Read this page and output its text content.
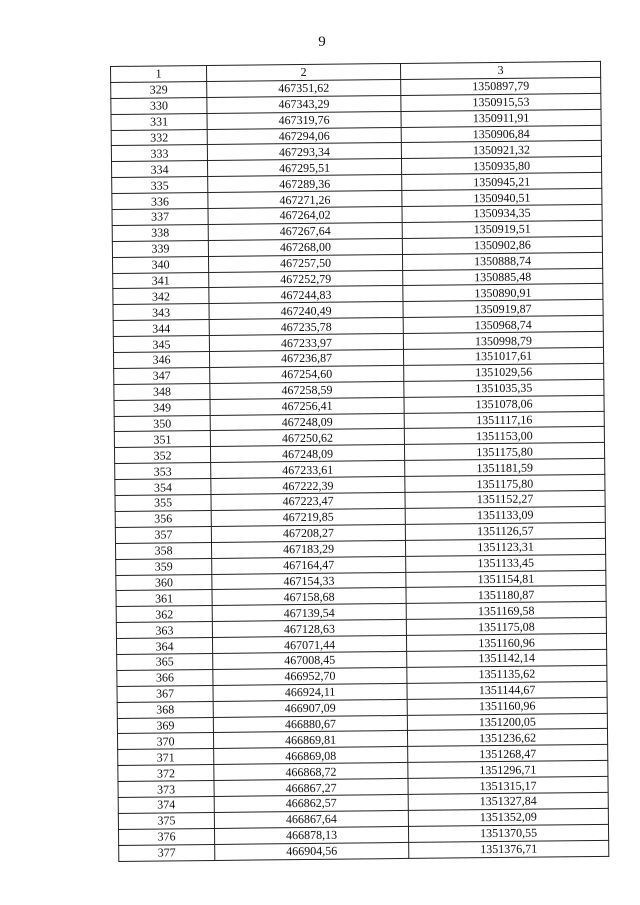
9
1	2	3
329	467351,62	1350897,79
330	467343,29	1350915,53
331	467319,76	1350911,91
332	467294,06	1350906,84
333	467293,34	1350921,32
334	467295,51	1350935,80
335	467289,36	1350945,21
336	467271,26	1350940,51
337	467264,02	1350934,35
338	467267,64	1350919,51
339	467268,00	1350902,86
340	467257,50	1350888,74
341	467252,79	1350885,48
342	467244,83	1350890,91
343	467240,49	1350919,87
344	467235,78	1350968,74
345	467233,97	1350998,79
346	467236,87	1351017,61
347	467254,60	1351029,56
348	467258,59	1351035,35
349	467256,41	1351078,06
350	467248,09	1351117,16
351	467250,62	1351153,00
352	467248,09	1351175,80
353	467233,61	1351181,59
354	467222,39	1351175,80
355	467223,47	1351152,27
356	467219,85	1351133,09
357	467208,27	1351126,57
358	467183,29	1351123,31
359	467164,47	1351133,45
360	467154,33	1351154,81
361	467158,68	1351180,87
362	467139,54	1351169,58
363	467128,63	1351175,08
364	467071,44	1351160,96
365	467008,45	1351142,14
366	466952,70	1351135,62
367	466924,11	1351144,67
368	466907,09	1351160,96
369	466880,67	1351200,05
370	466869,81	1351236,62
371	466869,08	1351268,47
372	466868,72	1351296,71
373	466867,27	1351315,17
374	466862,57	1351327,84
375	466867,64	1351352,09
376	466878,13	1351370,55
377	466904,56	1351376,71
